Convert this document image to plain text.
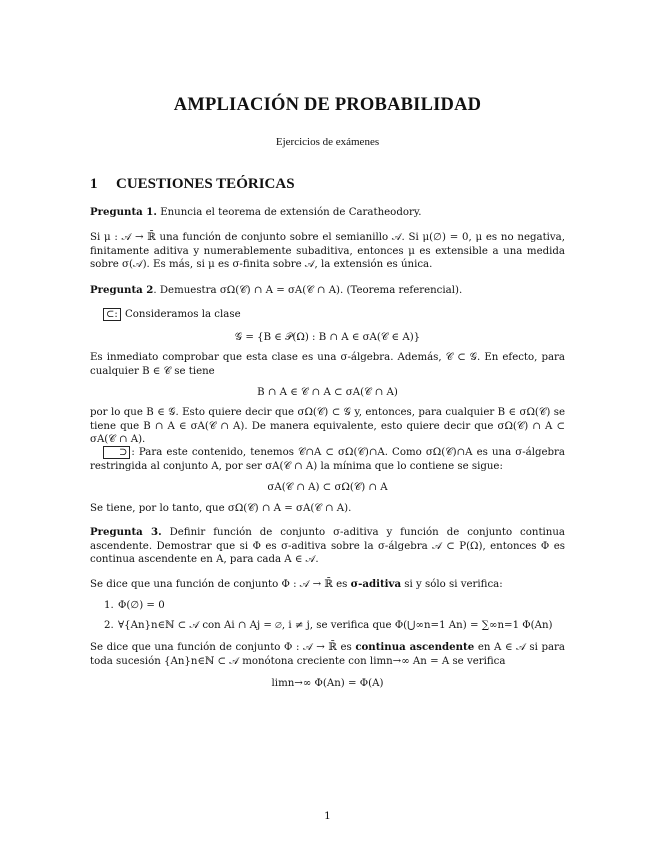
AMPLIACIÓN DE PROBABILIDAD
Ejercicios de exámenes
1 CUESTIONES TEÓRICAS
Pregunta 1. Enuncia el teorema de extensión de Caratheodory.
Si μ : 𝒜 → ℝ̄ una función de conjunto sobre el semianillo 𝒜. Si μ(∅) = 0, μ es no negativa, finitamente aditiva y numerablemente subaditiva, entonces μ es extensible a una medida sobre σ(𝒜). Es más, si μ es σ-finita sobre 𝒜, la extensión es única.
Pregunta 2. Demuestra σΩ(𝒞) ∩ A = σA(𝒞 ∩ A). (Teorema referencial).
⊂: Consideramos la clase
𝒢 = {B ∈ 𝒫(Ω) : B ∩ A ∈ σA(𝒞 ∈ A)}
Es inmediato comprobar que esta clase es una σ-álgebra. Además, 𝒞 ⊂ 𝒢. En efecto, para cualquier B ∈ 𝒞 se tiene
B ∩ A ∈ 𝒞 ∩ A ⊂ σA(𝒞 ∩ A)
por lo que B ∈ 𝒢. Esto quiere decir que σΩ(𝒞) ⊂ 𝒢 y, entonces, para cualquier B ∈ σΩ(𝒞) se tiene que B ∩ A ∈ σA(𝒞 ∩ A). De manera equivalente, esto quiere decir que σΩ(𝒞) ∩ A ⊂ σA(𝒞 ∩ A).
⊃ : Para este contenido, tenemos 𝒞∩A ⊂ σΩ(𝒞)∩A. Como σΩ(𝒞)∩A es una σ-álgebra restringida al conjunto A, por ser σA(𝒞 ∩ A) la mínima que lo contiene se sigue:
σA(𝒞 ∩ A) ⊂ σΩ(𝒞) ∩ A
Se tiene, por lo tanto, que σΩ(𝒞) ∩ A = σA(𝒞 ∩ A).
Pregunta 3. Definir función de conjunto σ-aditiva y función de conjunto continua ascendente. Demostrar que si Φ es σ-aditiva sobre la σ-álgebra 𝒜 ⊂ P(Ω), entonces Φ es continua ascendente en A, para cada A ∈ 𝒜.
Se dice que una función de conjunto Φ : 𝒜 → ℝ̄ es σ-aditiva si y sólo si verifica:
1. Φ(∅) = 0
2. ∀{An}n∈ℕ ⊂ 𝒜 con Ai ∩ Aj = ∅, i ≠ j, se verifica que Φ(⋃∞n=1 An) = ∑∞n=1 Φ(An)
Se dice que una función de conjunto Φ : 𝒜 → ℝ̄ es continua ascendente en A ∈ 𝒜 si para toda sucesión {An}n∈ℕ ⊂ 𝒜 monótona creciente con limn→∞ An = A se verifica
limn→∞ Φ(An) = Φ(A)
1
